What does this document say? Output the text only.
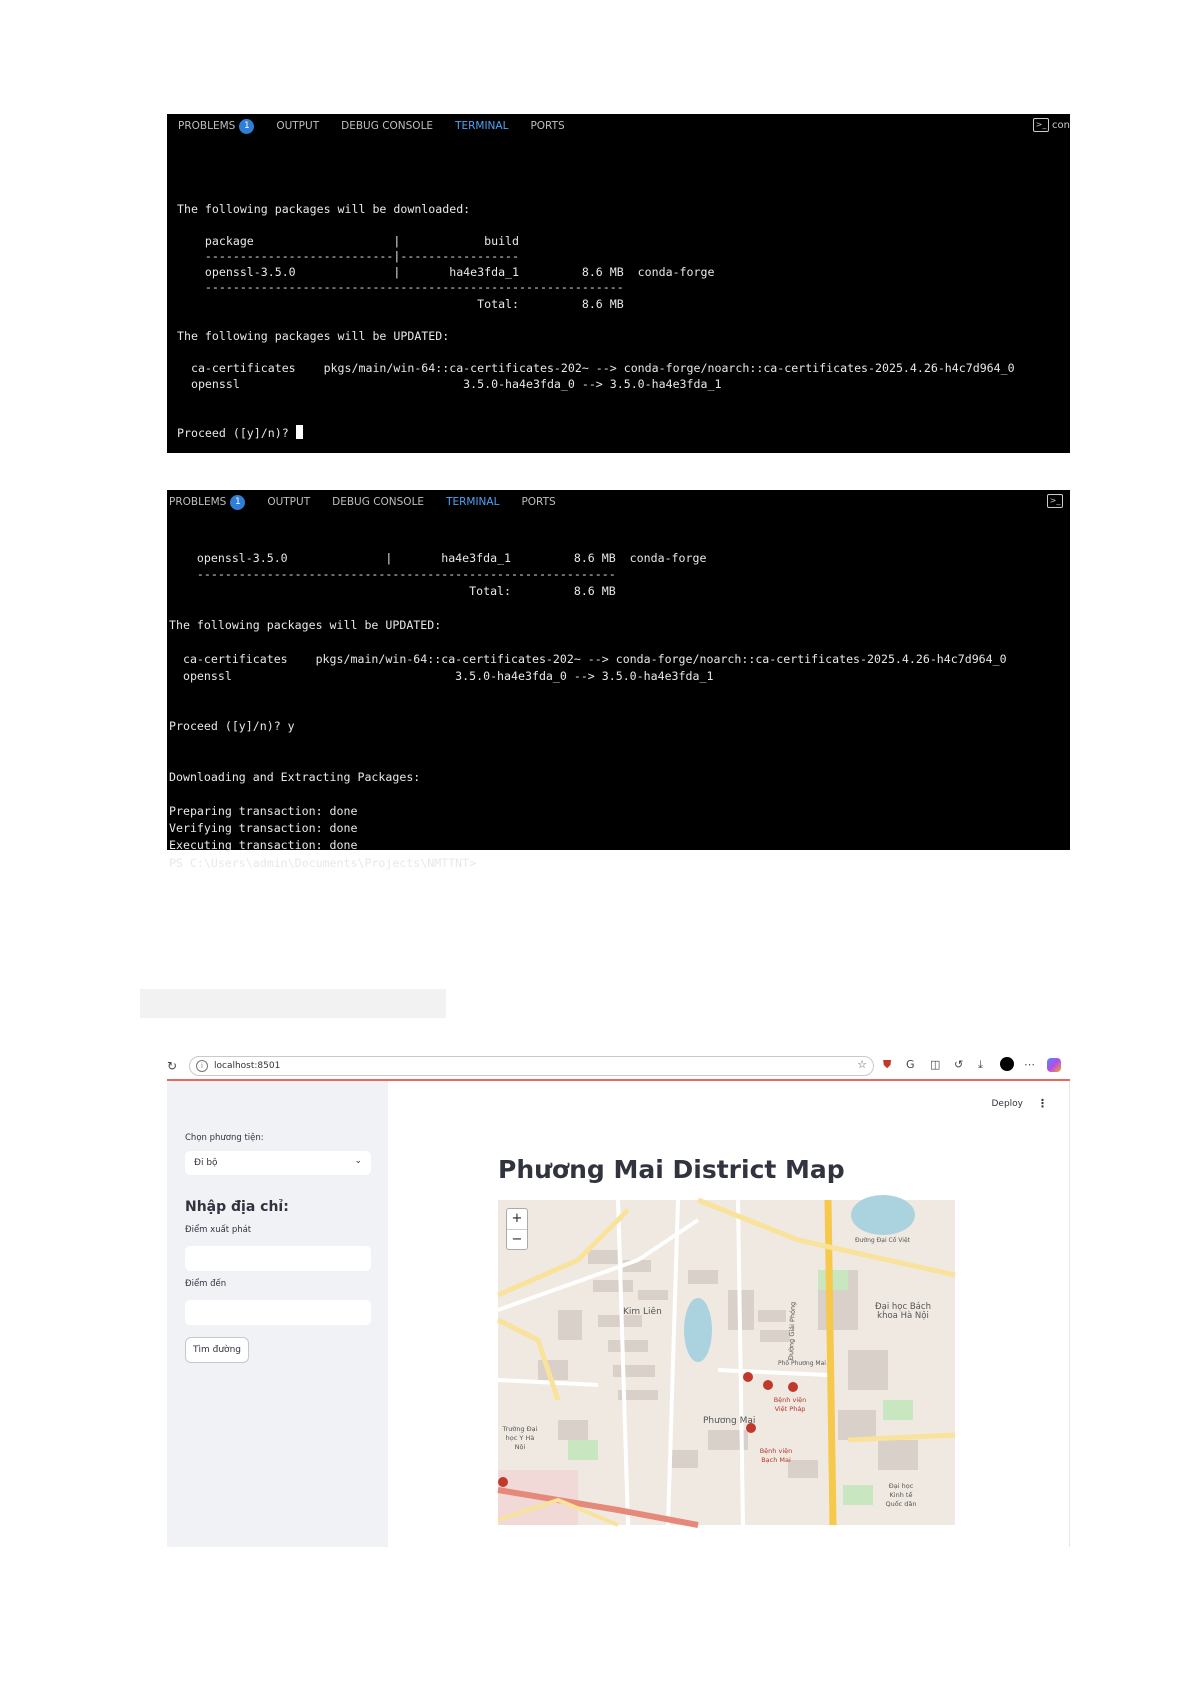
PROBLEMS 1	OUTPUT DEBUG CONSOLE TERMINAL PORTS	>_ con
The following packages will be downloaded:
package                    |            build
---------------------------|-----------------
openssl-3.5.0              |       ha4e3fda_1         8.6 MB  conda-forge
------------------------------------------------------------
Total:         8.6 MB
The following packages will be UPDATED:
ca-certificates    pkgs/main/win-64::ca-certificates-202~ --> conda-forge/noarch::ca-certificates-2025.4.26-h4c7d964_0
openssl                                3.5.0-ha4e3fda_0 --> 3.5.0-ha4e3fda_1
Proceed ([y]/n)?
PROBLEMS 1	OUTPUT DEBUG CONSOLE TERMINAL PORTS	>_
openssl-3.5.0              |       ha4e3fda_1         8.6 MB  conda-forge
------------------------------------------------------------
Total:         8.6 MB
The following packages will be UPDATED:
ca-certificates    pkgs/main/win-64::ca-certificates-202~ --> conda-forge/noarch::ca-certificates-2025.4.26-h4c7d964_0
openssl                                3.5.0-ha4e3fda_0 --> 3.5.0-ha4e3fda_1
Proceed ([y]/n)? y
Downloading and Extracting Packages:
Preparing transaction: done
Verifying transaction: done
Executing transaction: done
PS C:\Users\admin\Documents\Projects\NMTTNT>
↻	i	localhost:8501	☆ ⛊ G ◫ ↺ ⤓	⋯
Chọn phương tiện:
Đi bộ	⌄
Nhập địa chỉ:
Điểm xuất phát
Điểm đến
Tìm đường
Deploy ⋮
Phương Mai District Map
+
−
Kim Liên
Phương Mai
Đại học Bách khoa Hà Nội
Bệnh viện Việt Pháp
Bệnh viện Bạch Mai
Trường Đại học Y Hà Nội
Đường Giải Phóng
Phố Phương Mai
Đường Đại Cồ Việt
Đại học Kinh tế Quốc dân
